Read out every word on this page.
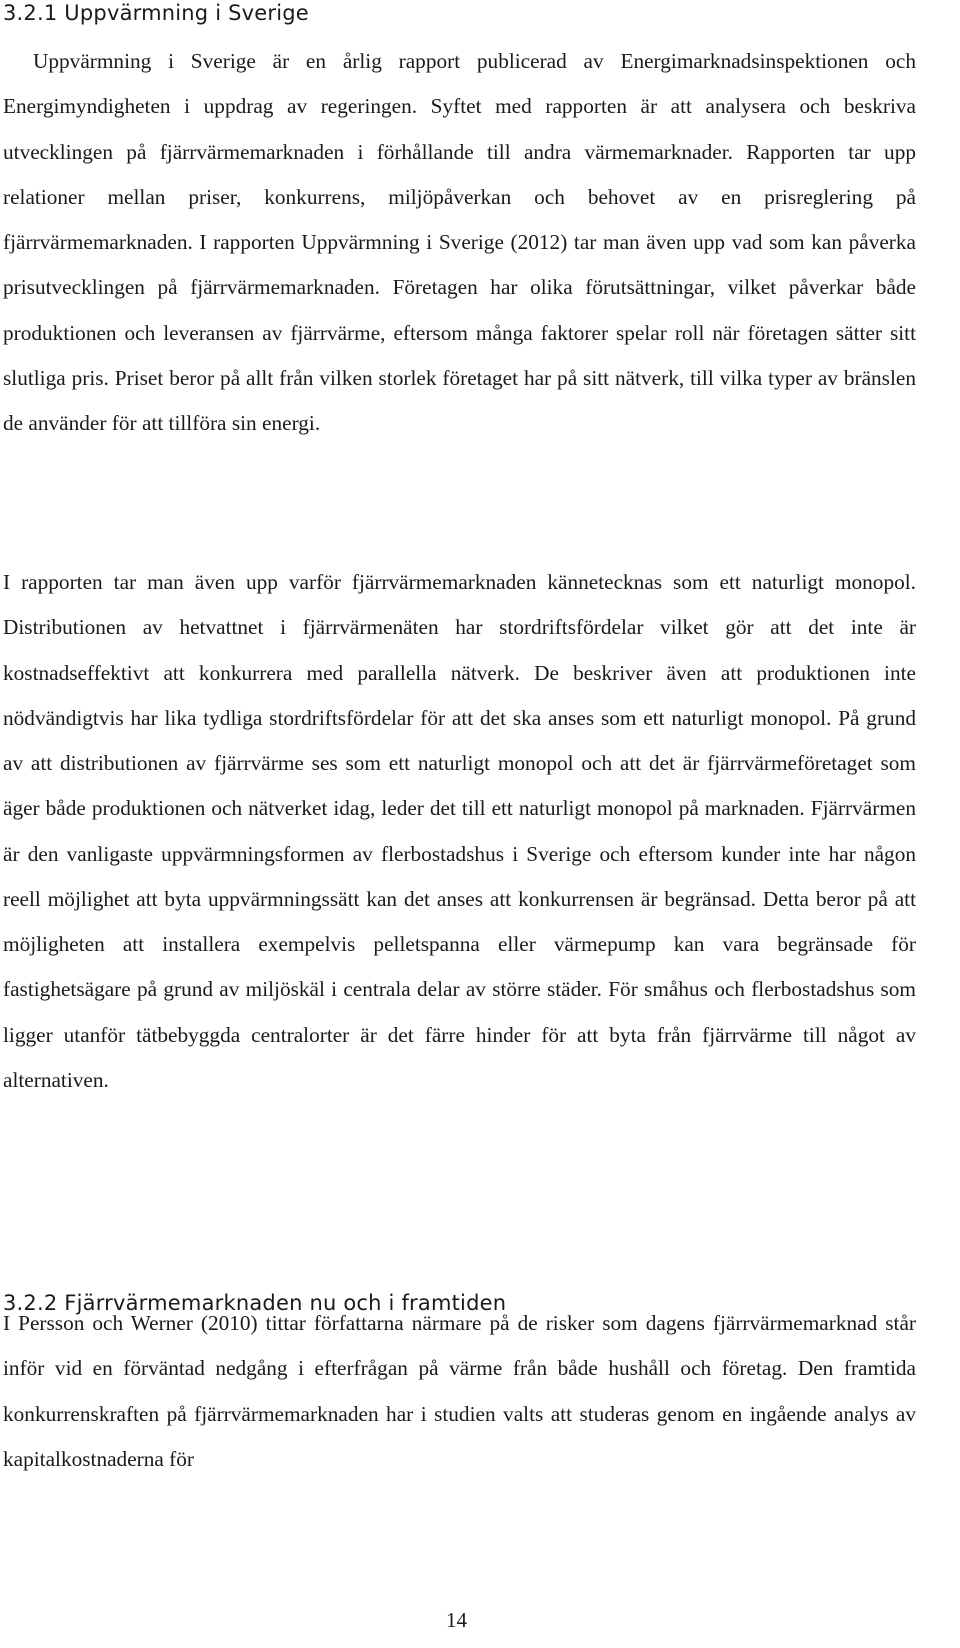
3.2.1 Uppvärmning i Sverige

Uppvärmning i Sverige är en årlig rapport publicerad av Energimarknadsinspektionen och Energimyndigheten i uppdrag av regeringen. Syftet med rapporten är att analysera och beskriva utvecklingen på fjärrvärmemarknaden i förhållande till andra värmemarknader. Rapporten tar upp relationer mellan priser, konkurrens, miljöpåverkan och behovet av en prisreglering på fjärrvärmemarknaden. I rapporten Uppvärmning i Sverige (2012) tar man även upp vad som kan påverka prisutvecklingen på fjärrvärmemarknaden. Företagen har olika förutsättningar, vilket påverkar både produktionen och leveransen av fjärrvärme, eftersom många faktorer spelar roll när företagen sätter sitt slutliga pris. Priset beror på allt från vilken storlek företaget har på sitt nätverk, till vilka typer av bränslen de använder för att tillföra sin energi.

I rapporten tar man även upp varför fjärrvärmemarknaden kännetecknas som ett naturligt monopol. Distributionen av hetvattnet i fjärrvärmenäten har stordriftsfördelar vilket gör att det inte är kostnadseffektivt att konkurrera med parallella nätverk. De beskriver även att produktionen inte nödvändigtvis har lika tydliga stordriftsfördelar för att det ska anses som ett naturligt monopol. På grund av att distributionen av fjärrvärme ses som ett naturligt monopol och att det är fjärrvärmeföretaget som äger både produktionen och nätverket idag, leder det till ett naturligt monopol på marknaden. Fjärrvärmen är den vanligaste uppvärmningsformen av flerbostadshus i Sverige och eftersom kunder inte har någon reell möjlighet att byta uppvärmningssätt kan det anses att konkurrensen är begränsad. Detta beror på att möjligheten att installera exempelvis pelletspanna eller värmepump kan vara begränsade för fastighetsägare på grund av miljöskäl i centrala delar av större städer. För småhus och flerbostadshus som ligger utanför tätbebyggda centralorter är det färre hinder för att byta från fjärrvärme till något av alternativen.

3.2.2 Fjärrvärmemarknaden nu och i framtiden

I Persson och Werner (2010) tittar författarna närmare på de risker som dagens fjärrvärmemarknad står inför vid en förväntad nedgång i efterfrågan på värme från både hushåll och företag. Den framtida konkurrenskraften på fjärrvärmemarknaden har i studien valts att studeras genom en ingående analys av kapitalkostnaderna för

14
